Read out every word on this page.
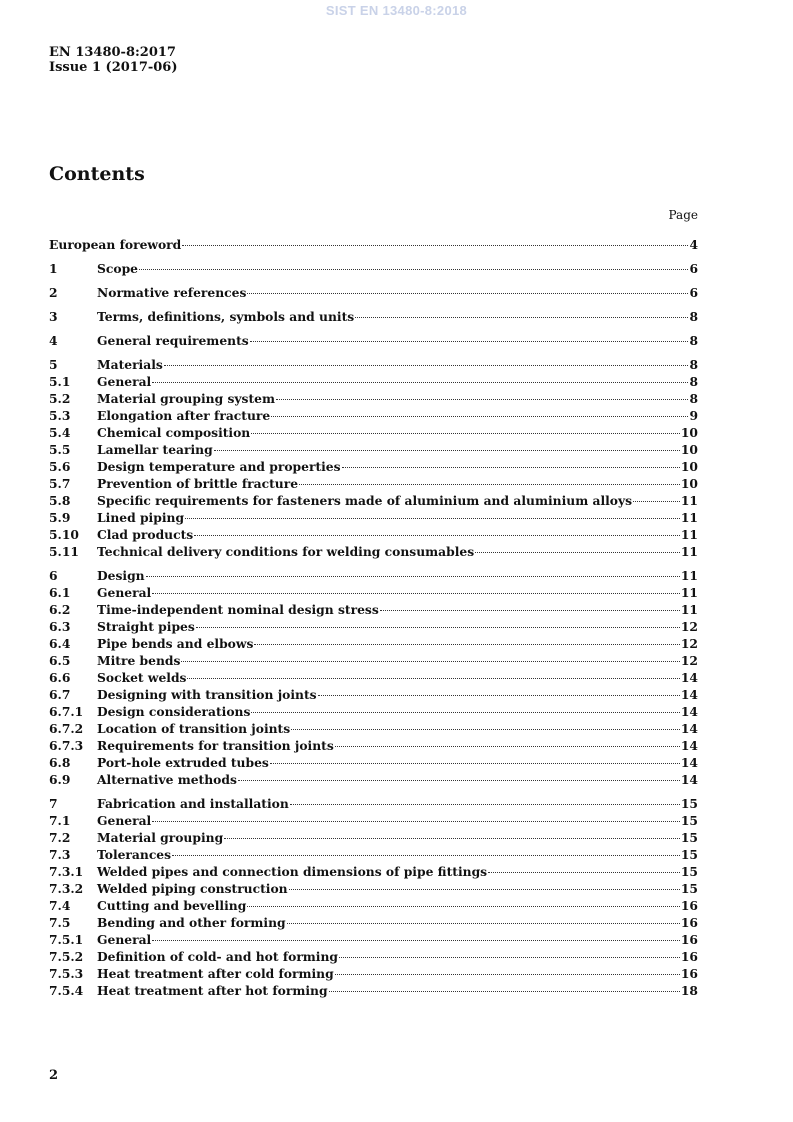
SIST EN 13480-8:2018
EN 13480-8:2017
Issue 1 (2017-06)
Contents
Page
European foreword	4
1	Scope	6
2	Normative references	6
3	Terms, definitions, symbols and units	8
4	General requirements	8
5	Materials	8
5.1	General	8
5.2	Material grouping system	8
5.3	Elongation after fracture	9
5.4	Chemical composition	10
5.5	Lamellar tearing	10
5.6	Design temperature and properties	10
5.7	Prevention of brittle fracture	10
5.8	Specific requirements for fasteners made of aluminium and aluminium alloys	11
5.9	Lined piping	11
5.10	Clad products	11
5.11	Technical delivery conditions for welding consumables	11
6	Design	11
6.1	General	11
6.2	Time-independent nominal design stress	11
6.3	Straight pipes	12
6.4	Pipe bends and elbows	12
6.5	Mitre bends	12
6.6	Socket welds	14
6.7	Designing with transition joints	14
6.7.1	Design considerations	14
6.7.2	Location of transition joints	14
6.7.3	Requirements for transition joints	14
6.8	Port-hole extruded tubes	14
6.9	Alternative methods	14
7	Fabrication and installation	15
7.1	General	15
7.2	Material grouping	15
7.3	Tolerances	15
7.3.1	Welded pipes and connection dimensions of pipe fittings	15
7.3.2	Welded piping construction	15
7.4	Cutting and bevelling	16
7.5	Bending and other forming	16
7.5.1	General	16
7.5.2	Definition of cold- and hot forming	16
7.5.3	Heat treatment after cold forming	16
7.5.4	Heat treatment after hot forming	18
2
